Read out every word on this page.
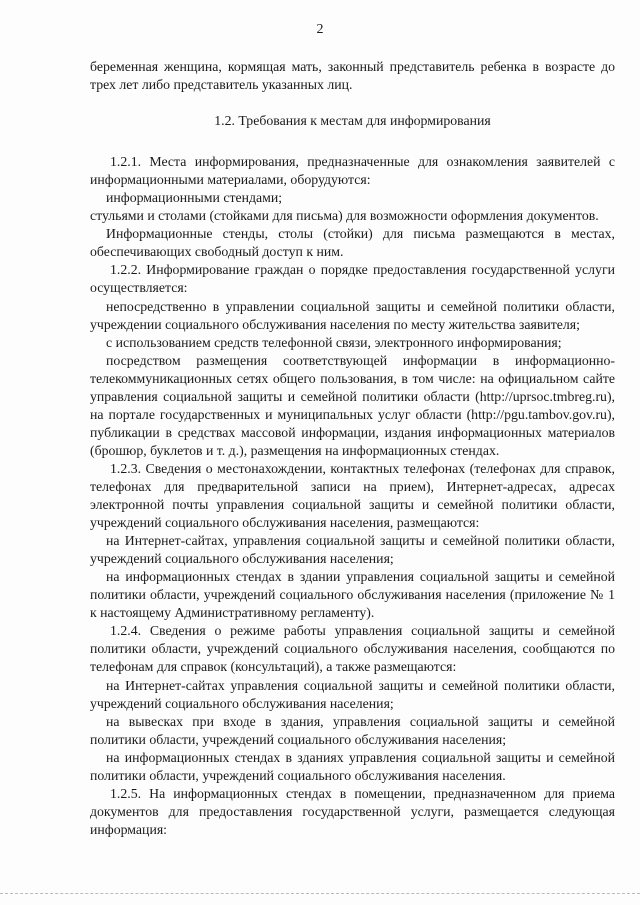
2

беременная женщина, кормящая мать, законный представитель ребенка в возрасте до трех лет либо представитель указанных лиц.

1.2. Требования к местам для информирования

1.2.1. Места информирования, предназначенные для ознакомления заявителей с информационными материалами, оборудуются:

информационными стендами;

стульями и столами (стойками для письма) для возможности оформления документов.

Информационные стенды, столы (стойки) для письма размещаются в местах, обеспечивающих свободный доступ к ним.

1.2.2. Информирование граждан о порядке предоставления государственной услуги осуществляется:

непосредственно в управлении социальной защиты и семейной политики области, учреждении социального обслуживания населения по месту жительства заявителя;

с использованием средств телефонной связи, электронного информирования;

посредством размещения соответствующей информации в информационно-телекоммуникационных сетях общего пользования, в том числе: на официальном сайте управления социальной защиты и семейной политики области (http://uprsoc.tmbreg.ru), на портале государственных и муниципальных услуг области (http://pgu.tambov.gov.ru), публикации в средствах массовой информации, издания информационных материалов (брошюр, буклетов и т. д.), размещения на информационных стендах.

1.2.3. Сведения о местонахождении, контактных телефонах (телефонах для справок, телефонах для предварительной записи на прием), Интернет-адресах, адресах электронной почты управления социальной защиты и семейной политики области, учреждений социального обслуживания населения, размещаются:

на Интернет-сайтах, управления социальной защиты и семейной политики области, учреждений социального обслуживания населения;

на информационных стендах в здании управления социальной защиты и семейной политики области, учреждений социального обслуживания населения (приложение № 1 к настоящему Административному регламенту).

1.2.4. Сведения о режиме работы управления социальной защиты и семейной политики области, учреждений социального обслуживания населения, сообщаются по телефонам для справок (консультаций), а также размещаются:

на Интернет-сайтах управления социальной защиты и семейной политики области, учреждений социального обслуживания населения;

на вывесках при входе в здания, управления социальной защиты и семейной политики области, учреждений социального обслуживания населения;

на информационных стендах в зданиях управления социальной защиты и семейной политики области, учреждений социального обслуживания населения.

1.2.5. На информационных стендах в помещении, предназначенном для приема документов для предоставления государственной услуги, размещается следующая информация:
